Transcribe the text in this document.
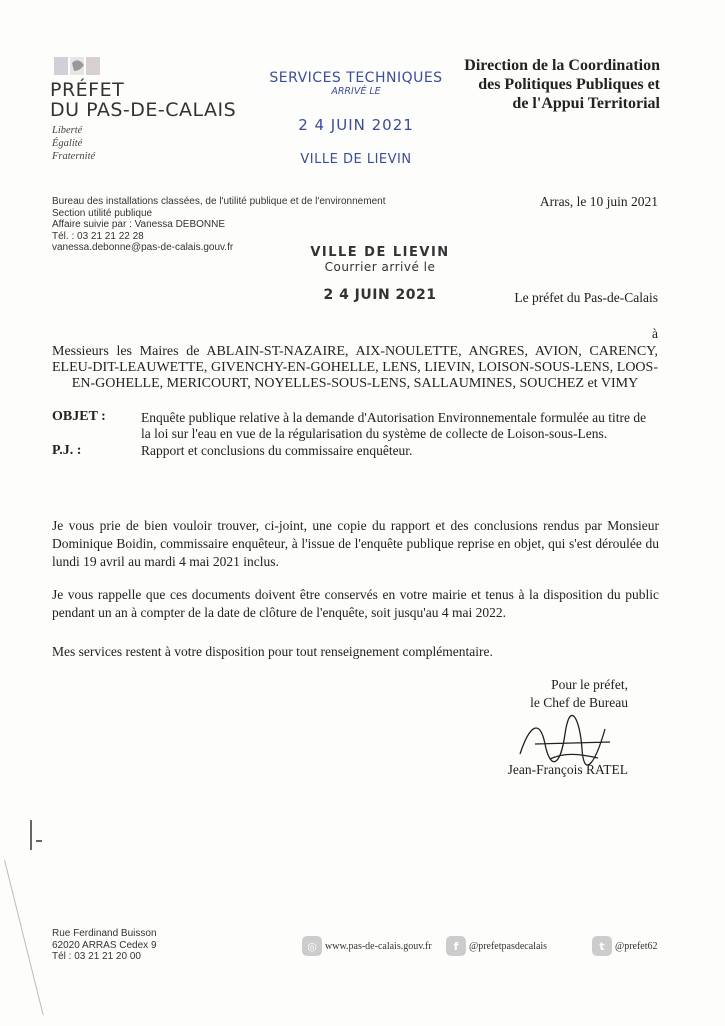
PRÉFET
DU PAS-DE-CALAIS
Liberté
Égalité
Fraternité
SERVICES TECHNIQUES
ARRIVÉ LE
2 4 JUIN 2021
VILLE DE LIEVIN
Direction de la Coordination
des Politiques Publiques et
de l'Appui Territorial
Bureau des installations classées, de l'utilité publique et de l'environnement
Section utilité publique
Affaire suivie par : Vanessa DEBONNE
Tél. : 03 21 21 22 28
vanessa.debonne@pas-de-calais.gouv.fr
Arras, le 10 juin 2021
VILLE DE LIEVIN
Courrier arrivé le
2 4 JUIN 2021	Le préfet du Pas-de-Calais
à
Messieurs les Maires de ABLAIN-ST-NAZAIRE, AIX-NOULETTE, ANGRES, AVION, CARENCY, ELEU-DIT-LEAUWETTE, GIVENCHY-EN-GOHELLE, LENS, LIEVIN, LOISON-SOUS-LENS, LOOS-EN-GOHELLE, MERICOURT, NOYELLES-SOUS-LENS, SALLAUMINES, SOUCHEZ et VIMY
OBJET :	Enquête publique relative à la demande d'Autorisation Environnementale formulée au titre de la loi sur l'eau en vue de la régularisation du système de collecte de Loison-sous-Lens.
P.J. :	Rapport et conclusions du commissaire enquêteur.
Je vous prie de bien vouloir trouver, ci-joint, une copie du rapport et des conclusions rendus par Monsieur Dominique Boidin, commissaire enquêteur, à l'issue de l'enquête publique reprise en objet, qui s'est déroulée du lundi 19 avril au mardi 4 mai 2021 inclus.
Je vous rappelle que ces documents doivent être conservés en votre mairie et tenus à la disposition du public pendant un an à compter de la date de clôture de l'enquête, soit jusqu'au 4 mai 2022.
Mes services restent à votre disposition pour tout renseignement complémentaire.
Pour le préfet,
le Chef de Bureau
Jean-François RATEL
Rue Ferdinand Buisson
62020 ARRAS Cedex 9
Tél : 03 21 21 20 00
◎ www.pas-de-calais.gouv.fr	f	@prefetpasdecalais	t	@prefet62
